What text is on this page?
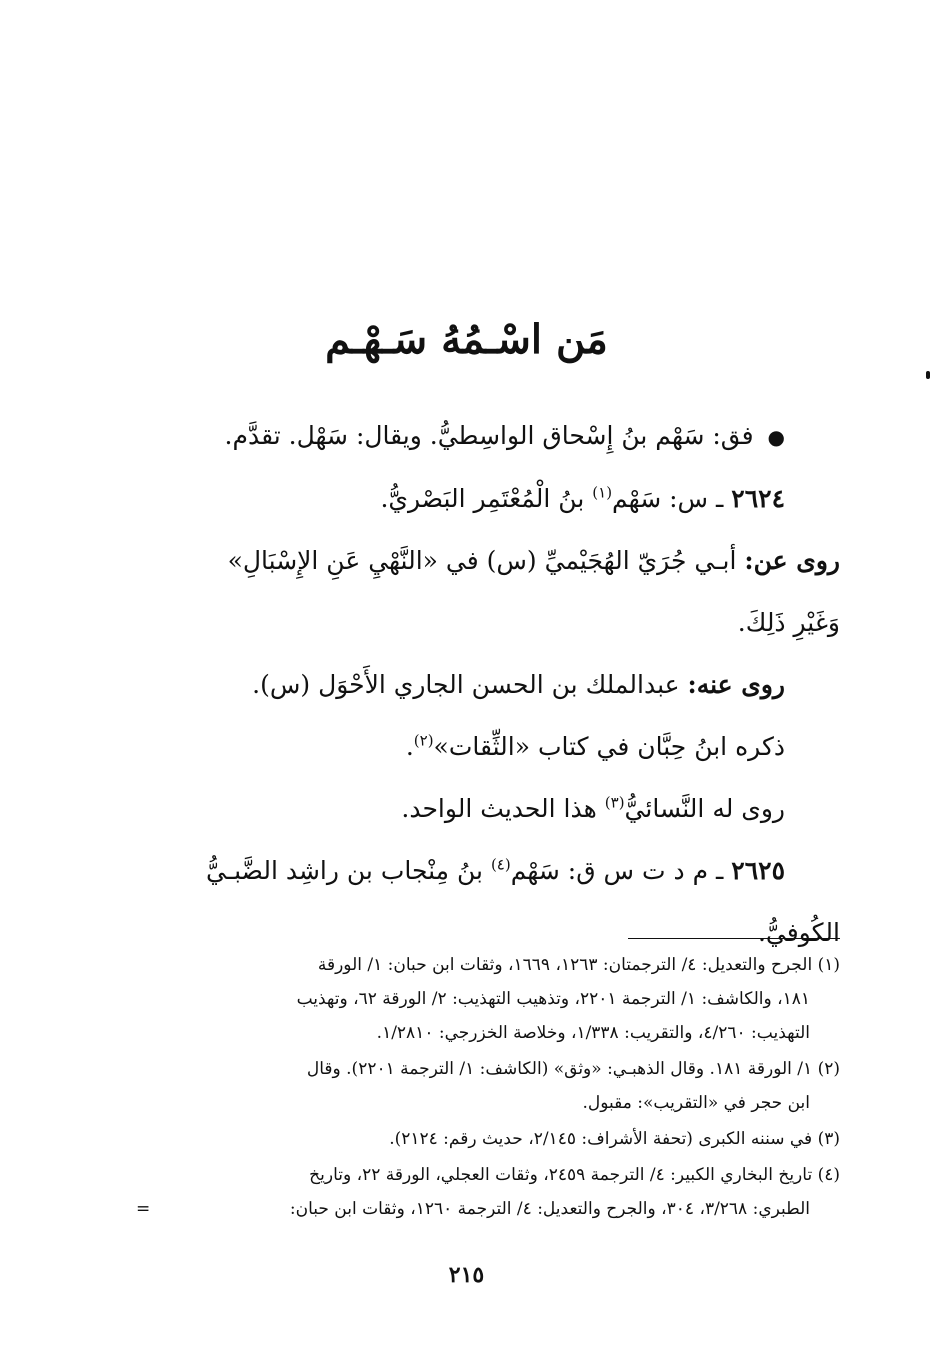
مَن اسْـمُهُ سَـهْـم
● فق: سَهْم بنُ إِسْحاق الواسِطيُّ. ويقال: سَهْل. تقدَّم.
٢٦٢٤ ـ س: سَهْم$^{(١)}$ بنُ الْمُعْتَمِر البَصْريُّ.
روى عن: أبـي جُرَيّ الهُجَيْميِّ (س) في «النَّهْيِ عَنِ الإِسْبَالِ»
وَغَيْرِ ذَلِكَ.
روى عنه: عبدالملك بن الحسن الجاري الأَحْوَل (س).
ذكره ابنُ حِبَّان في كتاب «الثِّقات»$^{(٢)}$.
روى له النَّسائيُّ$^{(٣)}$ هذا الحديث الواحد.
٢٦٢٥ ـ م د ت س ق: سَهْم$^{(٤)}$ بنُ مِنْجاب بن راشِد الضَّبـيُّ
الكُوفيُّ.
(١) الجرح والتعديل: ٤/ الترجمتان: ١٢٦٣، ١٦٦٩، وثقات ابن حبان: ١/ الورقة
١٨١، والكاشف: ١/ الترجمة ٢٢٠١، وتذهيب التهذيب: ٢/ الورقة ٦٢، وتهذيب
التهذيب: ٤/٢٦٠، والتقريب: ١/٣٣٨، وخلاصة الخزرجي: ١/٢٨١٠.
(٢) ١/ الورقة ١٨١. وقال الذهبـي: «وثق» (الكاشف: ١/ الترجمة ٢٢٠١). وقال
ابن حجر في «التقريب»: مقبول.
(٣) في سننه الكبرى (تحفة الأشراف: ٢/١٤٥، حديث رقم: ٢١٢٤).
(٤) تاريخ البخاري الكبير: ٤/ الترجمة ٢٤٥٩، وثقات العجلي، الورقة ٢٢، وتاريخ
الطبري: ٣/٢٦٨، ٣٠٤، والجرح والتعديل: ٤/ الترجمة ١٢٦٠، وثقات ابن حبان:
=
٢١٥
